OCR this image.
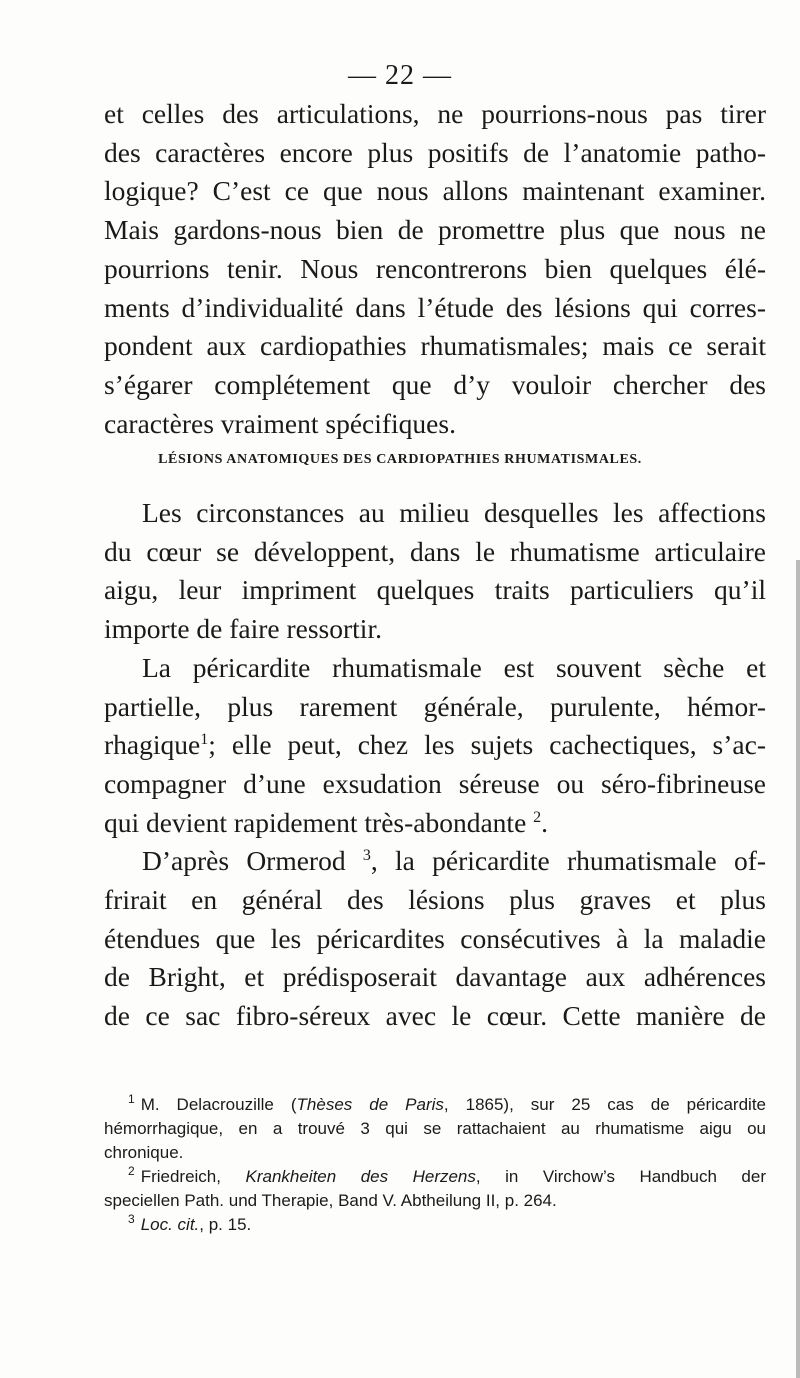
— 22 —
et celles des articulations, ne pourrions-nous pas tirer
des caractères encore plus positifs de l’anatomie patho-
logique? C’est ce que nous allons maintenant examiner.
Mais gardons-nous bien de promettre plus que nous ne
pourrions tenir. Nous rencontrerons bien quelques élé-
ments d’individualité dans l’étude des lésions qui corres-
pondent aux cardiopathies rhumatismales; mais ce serait
s’égarer complétement que d’y vouloir chercher des
caractères vraiment spécifiques.
LÉSIONS ANATOMIQUES DES CARDIOPATHIES RHUMATISMALES.
Les circonstances au milieu desquelles les affections
du cœur se développent, dans le rhumatisme articulaire
aigu, leur impriment quelques traits particuliers qu’il
importe de faire ressortir.
La péricardite rhumatismale est souvent sèche et
partielle, plus rarement générale, purulente, hémor-
rhagique$^1$; elle peut, chez les sujets cachectiques, s’ac-
compagner d’une exsudation séreuse ou séro-fibrineuse
qui devient rapidement très-abondante $^2$.
D’après Ormerod $^3$, la péricardite rhumatismale of-
frirait en général des lésions plus graves et plus
étendues que les péricardites consécutives à la maladie
de Bright, et prédisposerait davantage aux adhérences
de ce sac fibro-séreux avec le cœur. Cette manière de
$^1$ M. Delacrouzille (Thèses de Paris, 1865), sur 25 cas de péricardite
hémorrhagique, en a trouvé 3 qui se rattachaient au rhumatisme aigu ou
chronique.
$^2$ Friedreich, Krankheiten des Herzens, in Virchow’s Handbuch der
speciellen Path. und Therapie, Band V. Abtheilung II, p. 264.
$^3$ Loc. cit., p. 15.
